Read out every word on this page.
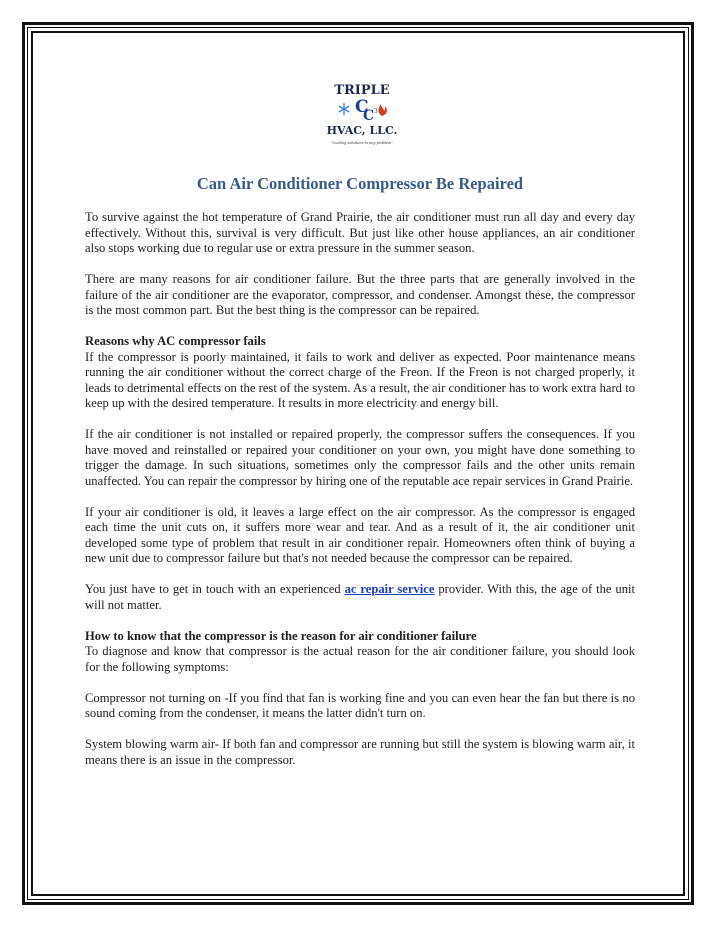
TRIPLE
C
C 3
HVAC, LLC.
"Cooling solutions to any problem"
Can Air Conditioner Compressor Be Repaired

To survive against the hot temperature of Grand Prairie, the air conditioner must run all day and every day effectively. Without this, survival is very difficult. But just like other house appliances, an air conditioner also stops working due to regular use or extra pressure in the summer season.

There are many reasons for air conditioner failure. But the three parts that are generally involved in the failure of the air conditioner are the evaporator, compressor, and condenser. Amongst these, the compressor is the most common part. But the best thing is the compressor can be repaired.

Reasons why AC compressor fails
If the compressor is poorly maintained, it fails to work and deliver as expected. Poor maintenance means running the air conditioner without the correct charge of the Freon. If the Freon is not charged properly, it leads to detrimental effects on the rest of the system. As a result, the air conditioner has to work extra hard to keep up with the desired temperature. It results in more electricity and energy bill.

If the air conditioner is not installed or repaired properly, the compressor suffers the consequences. If you have moved and reinstalled or repaired your conditioner on your own, you might have done something to trigger the damage. In such situations, sometimes only the compressor fails and the other units remain unaffected. You can repair the compressor by hiring one of the reputable ace repair services in Grand Prairie.

If your air conditioner is old, it leaves a large effect on the air compressor. As the compressor is engaged each time the unit cuts on, it suffers more wear and tear. And as a result of it, the air conditioner unit developed some type of problem that result in air conditioner repair. Homeowners often think of buying a new unit due to compressor failure but that's not needed because the compressor can be repaired.

You just have to get in touch with an experienced ac repair service provider. With this, the age of the unit will not matter.

How to know that the compressor is the reason for air conditioner failure
To diagnose and know that compressor is the actual reason for the air conditioner failure, you should look for the following symptoms:

Compressor not turning on -If you find that fan is working fine and you can even hear the fan but there is no sound coming from the condenser, it means the latter didn't turn on.

System blowing warm air- If both fan and compressor are running but still the system is blowing warm air, it means there is an issue in the compressor.
